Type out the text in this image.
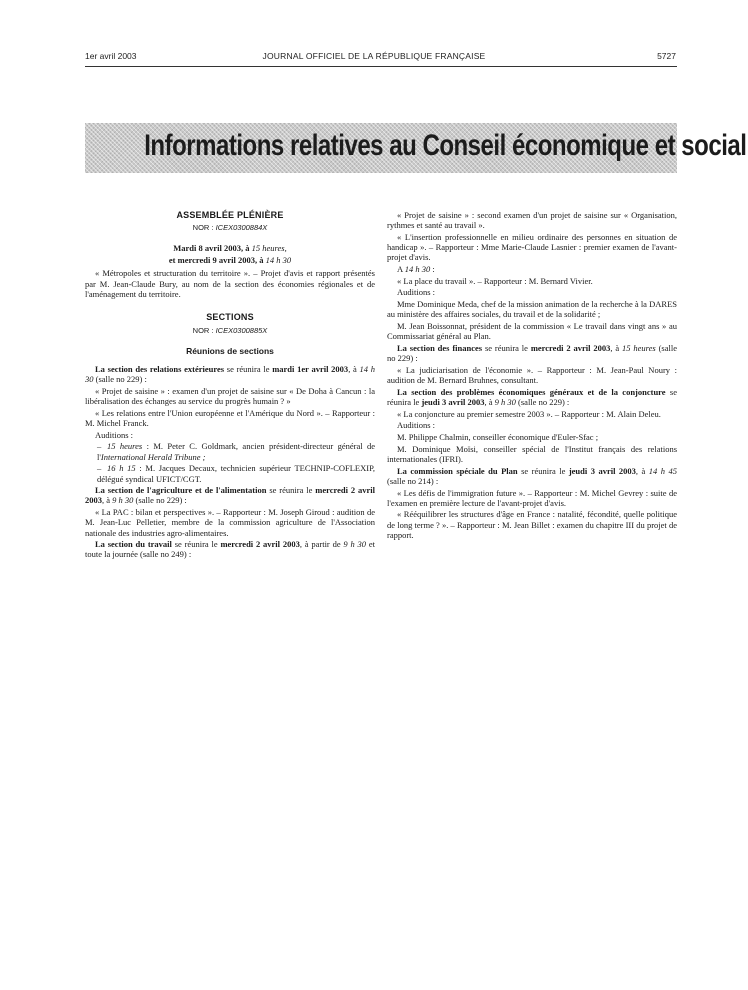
1er avril 2003	JOURNAL OFFICIEL DE LA RÉPUBLIQUE FRANÇAISE	5727
Informations relatives au Conseil économique et social
ASSEMBLÉE PLÉNIÈRE
NOR : ICEX0300884X

Mardi 8 avril 2003, à 15 heures,

et mercredi 9 avril 2003, à 14 h 30

« Métropoles et structuration du territoire ». – Projet d'avis et rapport présentés par M. Jean-Claude Bury, au nom de la section des économies régionales et de l'aménagement du territoire.

SECTIONS
NOR : ICEX0300885X
Réunions de sections

La section des relations extérieures se réunira le mardi 1er avril 2003, à 14 h 30 (salle no 229) :

« Projet de saisine » : examen d'un projet de saisine sur « De Doha à Cancun : la libéralisation des échanges au service du progrès humain ? »

« Les relations entre l'Union européenne et l'Amérique du Nord ». – Rapporteur : M. Michel Franck.

Auditions :

– 15 heures : M. Peter C. Goldmark, ancien président-directeur général de l'International Herald Tribune ;

– 16 h 15 : M. Jacques Decaux, technicien supérieur TECHNIP-COFLEXIP, délégué syndical UFICT/CGT.

La section de l'agriculture et de l'alimentation se réunira le mercredi 2 avril 2003, à 9 h 30 (salle no 229) :

« La PAC : bilan et perspectives ». – Rapporteur : M. Joseph Giroud : audition de M. Jean-Luc Pelletier, membre de la commission agriculture de l'Association nationale des industries agro-alimentaires.

La section du travail se réunira le mercredi 2 avril 2003, à partir de 9 h 30 et toute la journée (salle no 249) :

« Projet de saisine » : second examen d'un projet de saisine sur « Organisation, rythmes et santé au travail ».

« L'insertion professionnelle en milieu ordinaire des personnes en situation de handicap ». – Rapporteur : Mme Marie-Claude Lasnier : premier examen de l'avant-projet d'avis.

A 14 h 30 :

« La place du travail ». – Rapporteur : M. Bernard Vivier.

Auditions :

Mme Dominique Meda, chef de la mission animation de la recherche à la DARES au ministère des affaires sociales, du travail et de la solidarité ;

M. Jean Boissonnat, président de la commission « Le travail dans vingt ans » au Commissariat général au Plan.

La section des finances se réunira le mercredi 2 avril 2003, à 15 heures (salle no 229) :

« La judiciarisation de l'économie ». – Rapporteur : M. Jean-Paul Noury : audition de M. Bernard Bruhnes, consultant.

La section des problèmes économiques généraux et de la conjoncture se réunira le jeudi 3 avril 2003, à 9 h 30 (salle no 229) :

« La conjoncture au premier semestre 2003 ». – Rapporteur : M. Alain Deleu.

Auditions :

M. Philippe Chalmin, conseiller économique d'Euler-Sfac ;

M. Dominique Moïsi, conseiller spécial de l'Institut français des relations internationales (IFRI).

La commission spéciale du Plan se réunira le jeudi 3 avril 2003, à 14 h 45 (salle no 214) :

« Les défis de l'immigration future ». – Rapporteur : M. Michel Gevrey : suite de l'examen en première lecture de l'avant-projet d'avis.

« Rééquilibrer les structures d'âge en France : natalité, fécondité, quelle politique de long terme ? ». – Rapporteur : M. Jean Billet : examen du chapitre III du projet de rapport.
